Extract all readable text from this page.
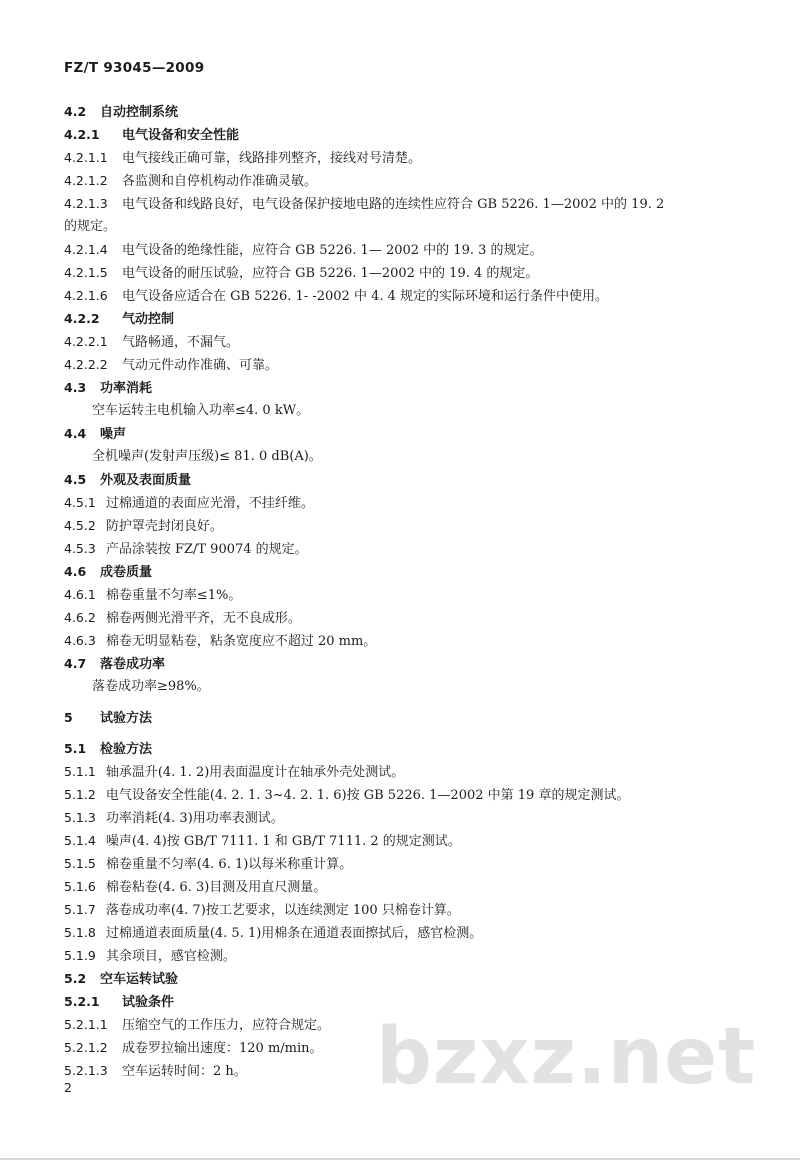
FZ/T 93045—2009
4.2 自动控制系统
4.2.1 电气设备和安全性能
4.2.1.1 电气接线正确可靠，线路排列整齐，接线对号清楚。
4.2.1.2 各监测和自停机构动作准确灵敏。
4.2.1.3 电气设备和线路良好，电气设备保护接地电路的连续性应符合 GB 5226. 1—2002 中的 19. 2
的规定。
4.2.1.4 电气设备的绝缘性能，应符合 GB 5226. 1— 2002 中的 19. 3 的规定。
4.2.1.5 电气设备的耐压试验，应符合 GB 5226. 1—2002 中的 19. 4 的规定。
4.2.1.6 电气设备应适合在 GB 5226. 1- -2002 中 4. 4 规定的实际环境和运行条件中使用。
4.2.2 气动控制
4.2.2.1 气路畅通，不漏气。
4.2.2.2 气动元件动作准确、可靠。
4.3 功率消耗
空车运转主电机输入功率≤4. 0 kW。
4.4 噪声
全机噪声(发射声压级)≤ 81. 0 dB(A)。
4.5 外观及表面质量
4.5.1 过棉通道的表面应光滑，不挂纤维。
4.5.2 防护罩壳封闭良好。
4.5.3 产品涂装按 FZ/T 90074 的规定。
4.6 成卷质量
4.6.1 棉卷重量不匀率≤1%。
4.6.2 棉卷两侧光滑平齐，无不良成形。
4.6.3 棉卷无明显粘卷，粘条宽度应不超过 20 mm。
4.7 落卷成功率
落卷成功率≥98%。
5 试验方法
5.1 检验方法
5.1.1 轴承温升(4. 1. 2)用表面温度计在轴承外壳处测试。
5.1.2 电气设备安全性能(4. 2. 1. 3~4. 2. 1. 6)按 GB 5226. 1—2002 中第 19 章的规定测试。
5.1.3 功率消耗(4. 3)用功率表测试。
5.1.4 噪声(4. 4)按 GB/T 7111. 1 和 GB/T 7111. 2 的规定测试。
5.1.5 棉卷重量不匀率(4. 6. 1)以每米称重计算。
5.1.6 棉卷粘卷(4. 6. 3)目测及用直尺测量。
5.1.7 落卷成功率(4. 7)按工艺要求，以连续测定 100 只棉卷计算。
5.1.8 过棉通道表面质量(4. 5. 1)用棉条在通道表面擦拭后，感官检测。
5.1.9 其余项目，感官检测。
5.2 空车运转试验
5.2.1 试验条件
5.2.1.1 压缩空气的工作压力，应符合规定。
5.2.1.2 成卷罗拉输出速度：120 m/min。
5.2.1.3 空车运转时间：2 h。
2	bzxz.net
